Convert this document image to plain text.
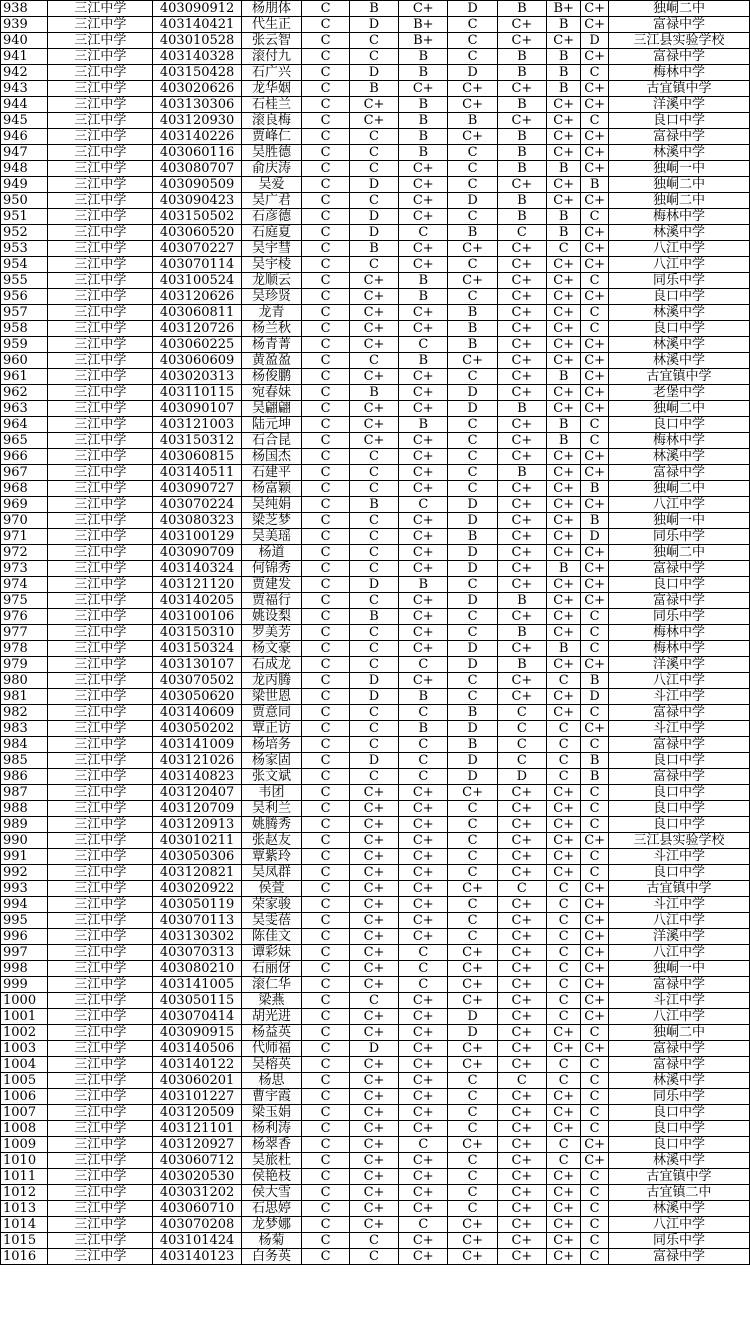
938	三江中学	403090912	杨朋体	C	B	C+	D	B	B+	C+	独峒二中
939	三江中学	403140421	代生正	C	D	B+	C	C+	B	C+	富禄中学
940	三江中学	403010528	张云智	C	C	B+	C	C+	C+	D	三江县实验学校
941	三江中学	403140328	滚付九	C	C	B	C	B	B	C+	富禄中学
942	三江中学	403150428	石广兴	C	D	B	D	B	B	C	梅林中学
943	三江中学	403020626	龙华姻	C	B	C+	C+	C+	B	C+	古宜镇中学
944	三江中学	403130306	石桂兰	C	C+	B	C+	B	C+	C+	洋溪中学
945	三江中学	403120930	滚良梅	C	C+	B	B	C+	C+	C	良口中学
946	三江中学	403140226	贾峰仁	C	C	B	C+	B	C+	C+	富禄中学
947	三江中学	403060116	吴胜德	C	C	B	C	B	C+	C+	林溪中学
948	三江中学	403080707	俞庆涛	C	C	C+	C	B	B	C+	独峒一中
949	三江中学	403090509	吴爱	C	D	C+	C	C+	C+	B	独峒二中
950	三江中学	403090423	吴广君	C	C	C+	D	B	C+	C+	独峒二中
951	三江中学	403150502	石彦德	C	D	C+	C	B	B	C	梅林中学
952	三江中学	403060520	石庭夏	C	D	C	B	C	B	C+	林溪中学
953	三江中学	403070227	吴宇彗	C	B	C+	C+	C+	C	C+	八江中学
954	三江中学	403070114	吴宇棱	C	C	C+	C	C+	C+	C+	八江中学
955	三江中学	403100524	龙顺云	C	C+	B	C+	C+	C+	C	同乐中学
956	三江中学	403120626	吴珍贤	C	C+	B	C	C+	C+	C+	良口中学
957	三江中学	403060811	龙青	C	C+	C+	B	C+	C+	C	林溪中学
958	三江中学	403120726	杨兰秋	C	C+	C+	B	C+	C+	C	良口中学
959	三江中学	403060225	杨青菁	C	C+	C	B	C+	C+	C+	林溪中学
960	三江中学	403060609	黄盈盈	C	C	B	C+	C+	C+	C+	林溪中学
961	三江中学	403020313	杨俊鹏	C	C+	C+	C	C+	B	C+	古宜镇中学
962	三江中学	403110115	宛春妹	C	B	C+	D	C+	C+	C+	老堡中学
963	三江中学	403090107	吴翩翩	C	C+	C+	D	B	C+	C+	独峒二中
964	三江中学	403121003	陆元坤	C	C+	B	C	C+	B	C	良口中学
965	三江中学	403150312	石合昆	C	C+	C+	C	C+	B	C	梅林中学
966	三江中学	403060815	杨国杰	C	C	C+	C	C+	C+	C+	林溪中学
967	三江中学	403140511	石建平	C	C	C+	C	B	C+	C+	富禄中学
968	三江中学	403090727	杨富颖	C	C	C+	C	C+	C+	B	独峒二中
969	三江中学	403070224	吴纯娟	C	B	C	D	C+	C+	C+	八江中学
970	三江中学	403080323	梁芝梦	C	C	C+	D	C+	C+	B	独峒一中
971	三江中学	403100129	吴美瑶	C	C	C+	B	C+	C+	D	同乐中学
972	三江中学	403090709	杨道	C	C	C+	D	C+	C+	C+	独峒二中
973	三江中学	403140324	何锦秀	C	C	C+	D	C+	B	C+	富禄中学
974	三江中学	403121120	贾建发	C	D	B	C	C+	C+	C+	良口中学
975	三江中学	403140205	贾福行	C	C	C+	D	B	C+	C+	富禄中学
976	三江中学	403100106	姚设梨	C	B	C+	C	C+	C+	C	同乐中学
977	三江中学	403150310	罗美芳	C	C	C+	C	B	C+	C	梅林中学
978	三江中学	403150324	杨文豪	C	C	C+	D	C+	B	C	梅林中学
979	三江中学	403130107	石成龙	C	C	C	D	B	C+	C+	洋溪中学
980	三江中学	403070502	龙丙腾	C	D	C+	C	C+	C	B	八江中学
981	三江中学	403050620	梁世恩	C	D	B	C	C+	C+	D	斗江中学
982	三江中学	403140609	贾意同	C	C	C	B	C	C+	C	富禄中学
983	三江中学	403050202	覃正访	C	C	B	D	C	C	C+	斗江中学
984	三江中学	403141009	杨培务	C	C	C	B	C	C	C	富禄中学
985	三江中学	403121026	杨家固	C	D	C	D	C	C	B	良口中学
986	三江中学	403140823	张文斌	C	C	C	D	D	C	B	富禄中学
987	三江中学	403120407	韦团	C	C+	C+	C+	C+	C+	C	良口中学
988	三江中学	403120709	吴利兰	C	C+	C+	C	C+	C+	C	良口中学
989	三江中学	403120913	姚腾秀	C	C+	C+	C	C+	C+	C	良口中学
990	三江中学	403010211	张赵友	C	C+	C+	C	C+	C+	C+	三江县实验学校
991	三江中学	403050306	覃紫玲	C	C+	C+	C	C+	C+	C	斗江中学
992	三江中学	403120821	吴凤群	C	C+	C+	C	C+	C+	C	良口中学
993	三江中学	403020922	侯萱	C	C+	C+	C+	C	C	C+	古宜镇中学
994	三江中学	403050119	荣家骏	C	C+	C+	C	C+	C	C+	斗江中学
995	三江中学	403070113	吴雯蓓	C	C+	C+	C	C+	C	C+	八江中学
996	三江中学	403130302	陈佳文	C	C+	C+	C	C+	C	C+	洋溪中学
997	三江中学	403070313	谭彩妹	C	C+	C	C+	C+	C	C+	八江中学
998	三江中学	403080210	石丽伢	C	C+	C	C+	C+	C	C+	独峒一中
999	三江中学	403141005	滚仁华	C	C+	C	C+	C+	C	C+	富禄中学
1000	三江中学	403050115	梁燕	C	C	C+	C+	C+	C	C+	斗江中学
1001	三江中学	403070414	胡光进	C	C+	C+	D	C+	C	C+	八江中学
1002	三江中学	403090915	杨益英	C	C+	C+	D	C+	C+	C	独峒二中
1003	三江中学	403140506	代师福	C	D	C+	C+	C+	C+	C+	富禄中学
1004	三江中学	403140122	吴榕英	C	C+	C+	C+	C+	C	C	富禄中学
1005	三江中学	403060201	杨思	C	C+	C+	C	C	C	C	林溪中学
1006	三江中学	403101227	曹宇霞	C	C+	C+	C	C+	C+	C	同乐中学
1007	三江中学	403120509	梁玉娟	C	C+	C+	C	C+	C+	C	良口中学
1008	三江中学	403121101	杨利涛	C	C+	C+	C	C+	C+	C	良口中学
1009	三江中学	403120927	杨翠香	C	C+	C	C+	C+	C	C+	良口中学
1010	三江中学	403060712	吴旅杜	C	C+	C+	C	C+	C	C+	林溪中学
1011	三江中学	403020530	侯艳枝	C	C+	C+	C	C+	C+	C	古宜镇中学
1012	三江中学	403031202	侯大雪	C	C+	C+	C	C+	C+	C	古宜镇二中
1013	三江中学	403060710	石思婷	C	C+	C+	C	C+	C+	C	林溪中学
1014	三江中学	403070208	龙梦娜	C	C+	C	C+	C+	C+	C	八江中学
1015	三江中学	403101424	杨菊	C	C	C+	C+	C+	C+	C	同乐中学
1016	三江中学	403140123	白务英	C	C	C+	C+	C+	C+	C	富禄中学
